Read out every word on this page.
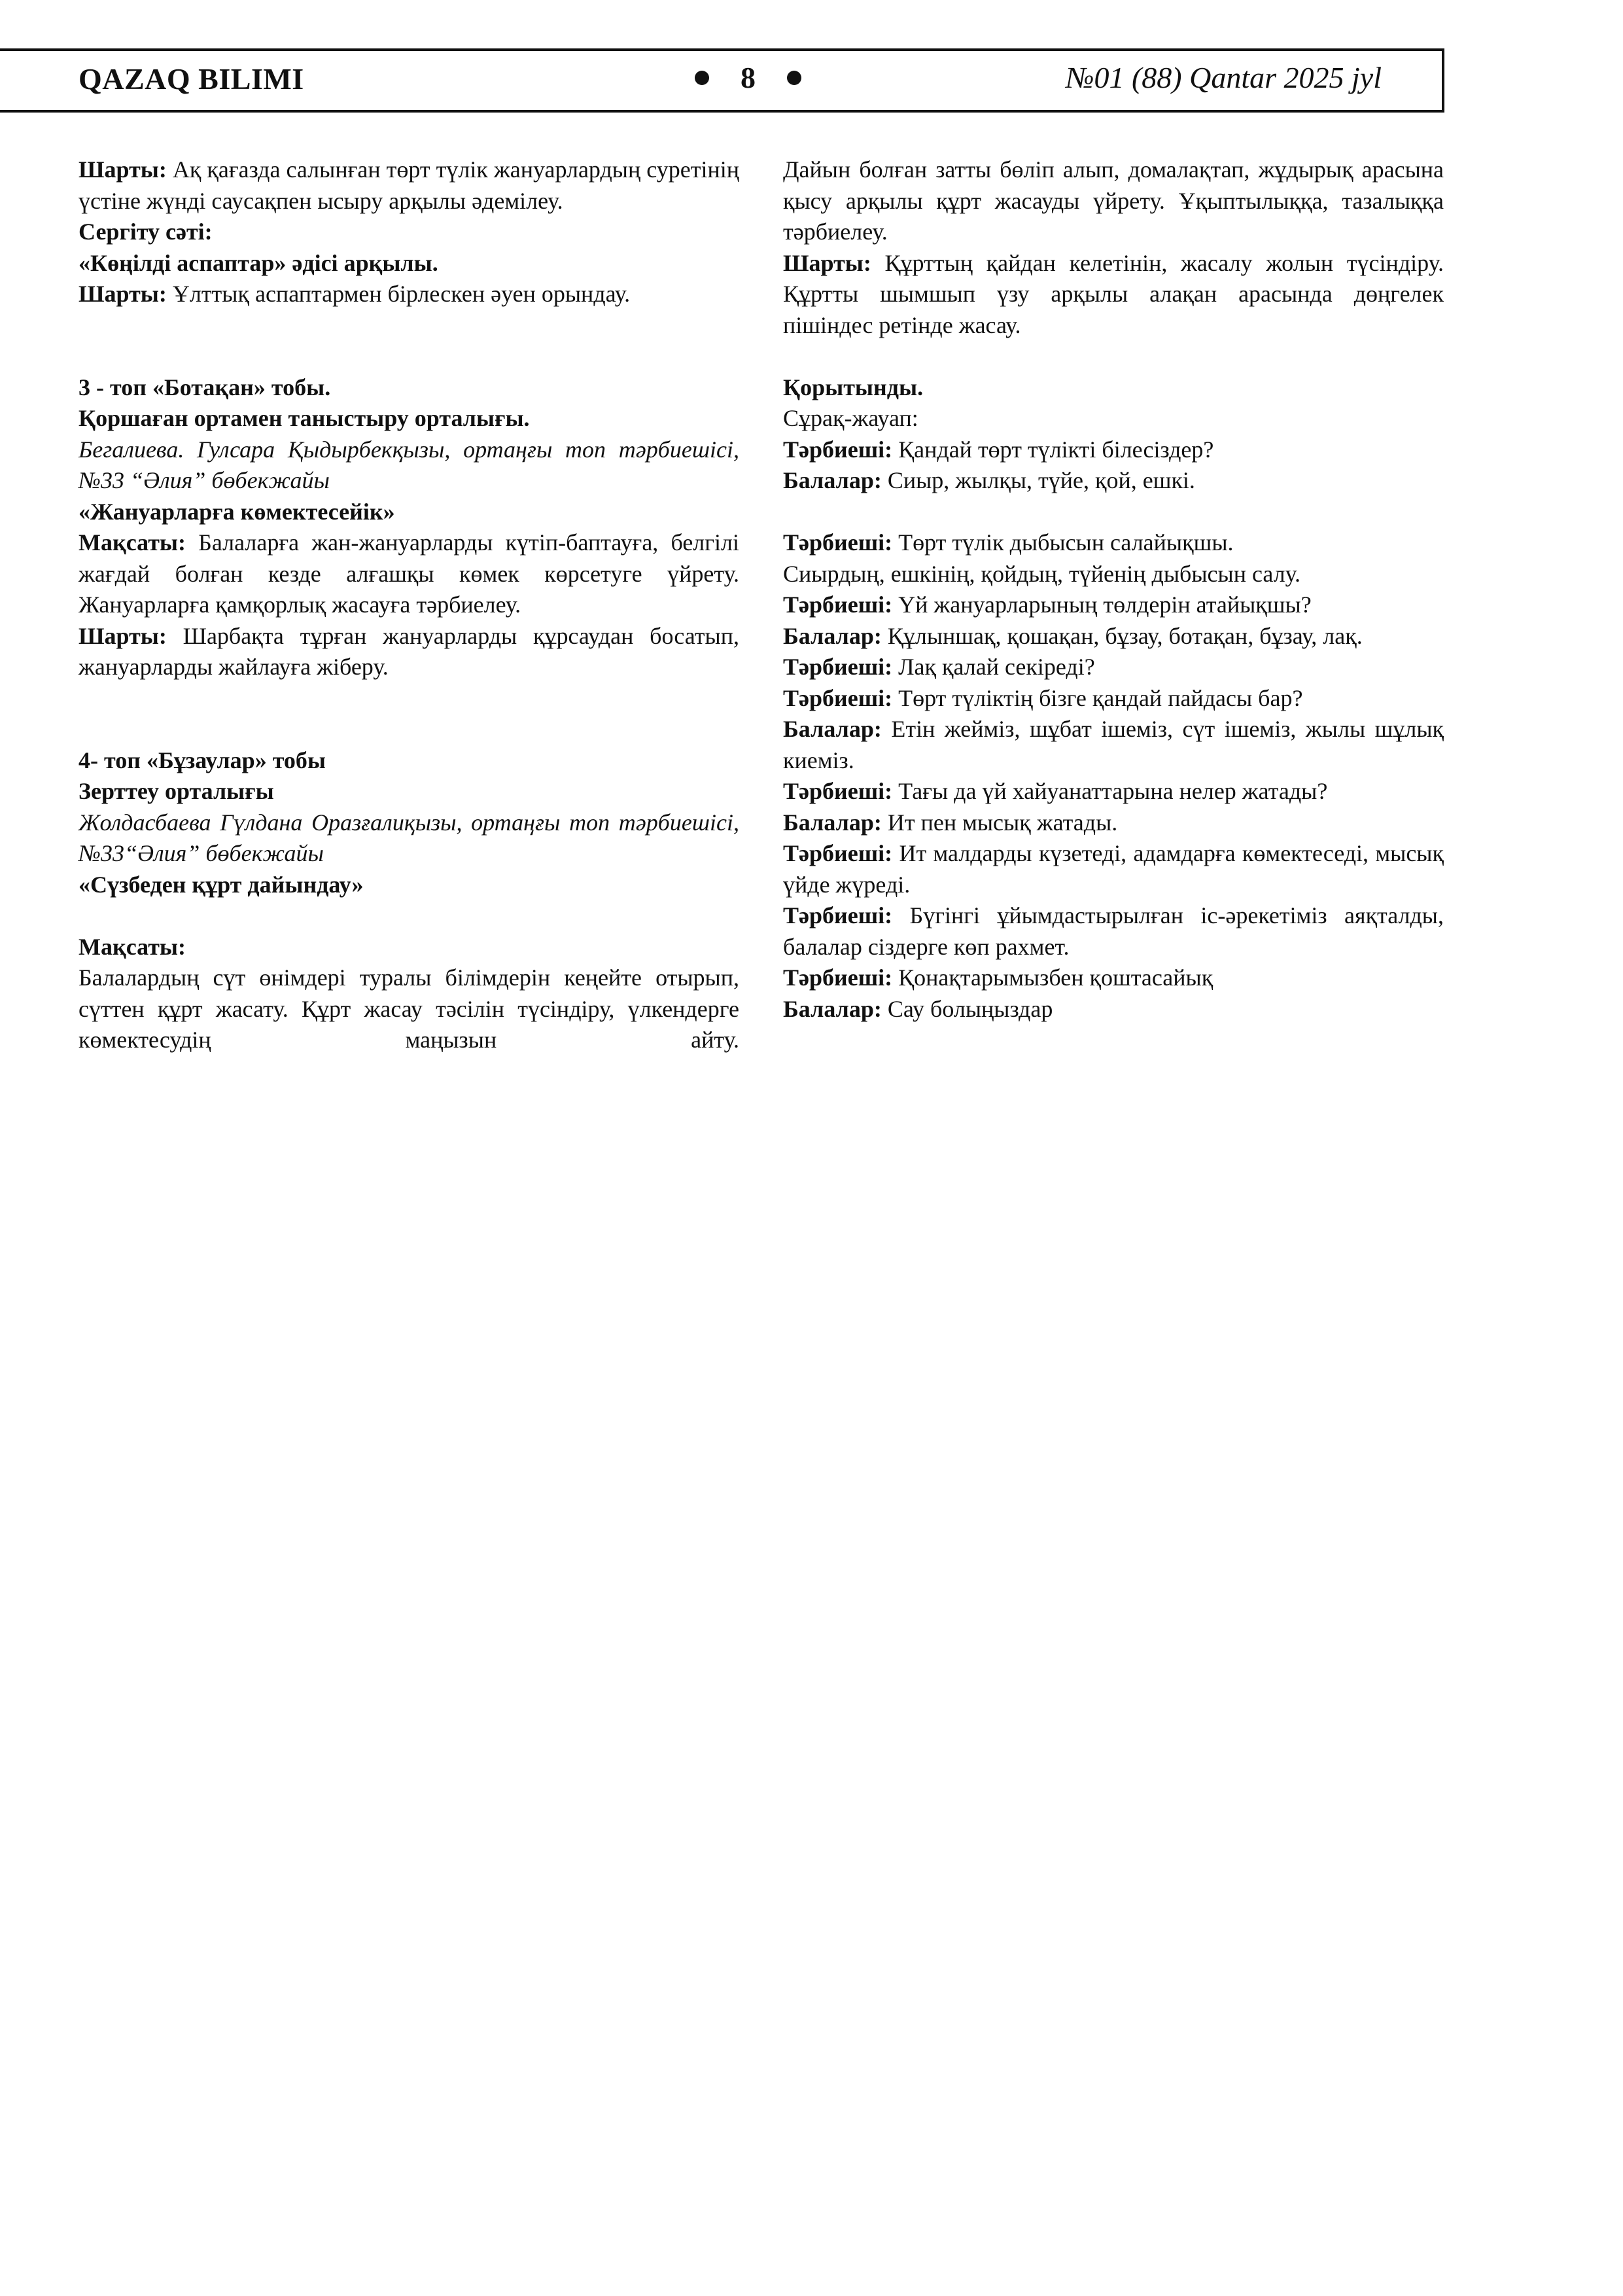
QAZAQ BILIMI	8	№01 (88) Qantar 2025 jyl

Шарты: Ақ қағазда салынған төрт түлік жануарлардың суретінің үстіне жүнді саусақпен ысыру арқылы әдемілеу.

Сергіту сәті:

«Көңілді аспаптар» әдісі арқылы.

Шарты: Ұлттық аспаптармен бірлескен әуен орындау.

3 - топ «Ботақан» тобы.

Қоршаған ортамен таныстыру орталығы.

Бегалиева. Гулсара Қыдырбекқызы, ортаңғы топ тәрбиешісі, №33 “Әлия” бөбекжайы

«Жануарларға көмектесейік»

Мақсаты: Балаларға жан-жануарларды күтіп-баптауға, белгілі жағдай болған кезде алғашқы көмек көрсетуге үйрету. Жануарларға қамқорлық жасауға тәрбиелеу.

Шарты: Шарбақта тұрған жануарларды құрсаудан босатып, жануарларды жайлауға жіберу.

4- топ «Бұзаулар» тобы

Зерттеу орталығы

Жолдасбаева Гүлдана Оразғалиқызы, ортаңғы топ тәрбиешісі, №33“Әлия” бөбекжайы

«Сүзбеден құрт дайындау»

Мақсаты:

Балалардың сүт өнімдері туралы білімдерін кеңейте отырып, сүттен құрт жасату. Құрт жасау тәсілін түсіндіру, үлкендерге көмектесудің маңызын айту.

Дайын болған затты бөліп алып, домалақтап, жұдырық арасына қысу арқылы құрт жасауды үйрету. Ұқыптылыққа, тазалыққа тәрбиелеу.

Шарты: Құрттың қайдан келетінін, жасалу жолын түсіндіру. Құртты шымшып үзу арқылы алақан арасында дөңгелек пішіндес ретінде жасау.

Қорытынды.

Сұрақ-жауап:

Тәрбиеші: Қандай төрт түлікті білесіздер?

Балалар: Сиыр, жылқы, түйе, қой, ешкі.

Тәрбиеші: Төрт түлік дыбысын салайықшы.

Сиырдың, ешкінің, қойдың, түйенің дыбысын салу.

Тәрбиеші: Үй жануарларының төлдерін атайықшы?

Балалар: Құлыншақ, қошақан, бұзау, ботақан, бұзау, лақ.

Тәрбиеші: Лақ қалай секіреді?

Тәрбиеші: Төрт түліктің бізге қандай пайдасы бар?

Балалар: Етін жейміз, шұбат ішеміз, сүт ішеміз, жылы шұлық киеміз.

Тәрбиеші: Тағы да үй хайуанаттарына нелер жатады?

Балалар: Ит пен мысық жатады.

Тәрбиеші: Ит малдарды күзетеді, адамдарға көмектеседі, мысық үйде жүреді.

Тәрбиеші: Бүгінгі ұйымдастырылған іс-әрекетіміз аяқталды, балалар сіздерге көп рахмет.

Тәрбиеші: Қонақтарымызбен қоштасайық

Балалар: Сау болыңыздар
